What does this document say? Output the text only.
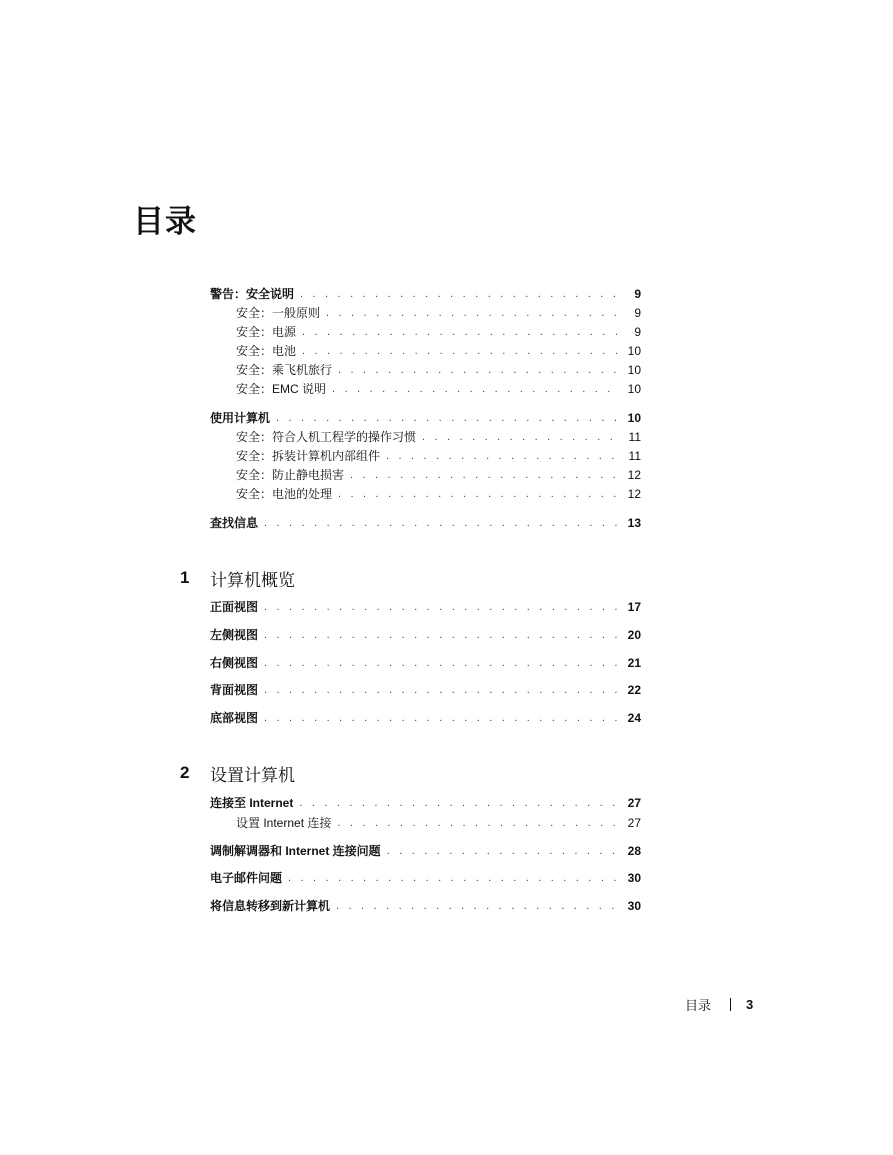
目录
警告：安全说明 . . .	9
安全：一般原则 . . .	9
安全：电源 . . .	9
安全：电池 . . .	10
安全：乘飞机旅行 . . .	10
安全：EMC 说明 . . .	10
使用计算机 . . .	10
安全：符合人机工程学的操作习惯 . . .	11
安全：拆装计算机内部组件 . . .	11
安全：防止静电损害 . . .	12
安全：电池的处理 . . .	12
查找信息 . . .	13
1	计算机概览
正面视图 . . .	17
左侧视图 . . .	20
右侧视图 . . .	21
背面视图 . . .	22
底部视图 . . .	24
2	设置计算机
连接至 Internet . . .	27
设置 Internet 连接 . . .	27
调制解调器和 Internet 连接问题 . . .	28
电子邮件问题 . . .	30
将信息转移到新计算机 . . .	30
目录	3
